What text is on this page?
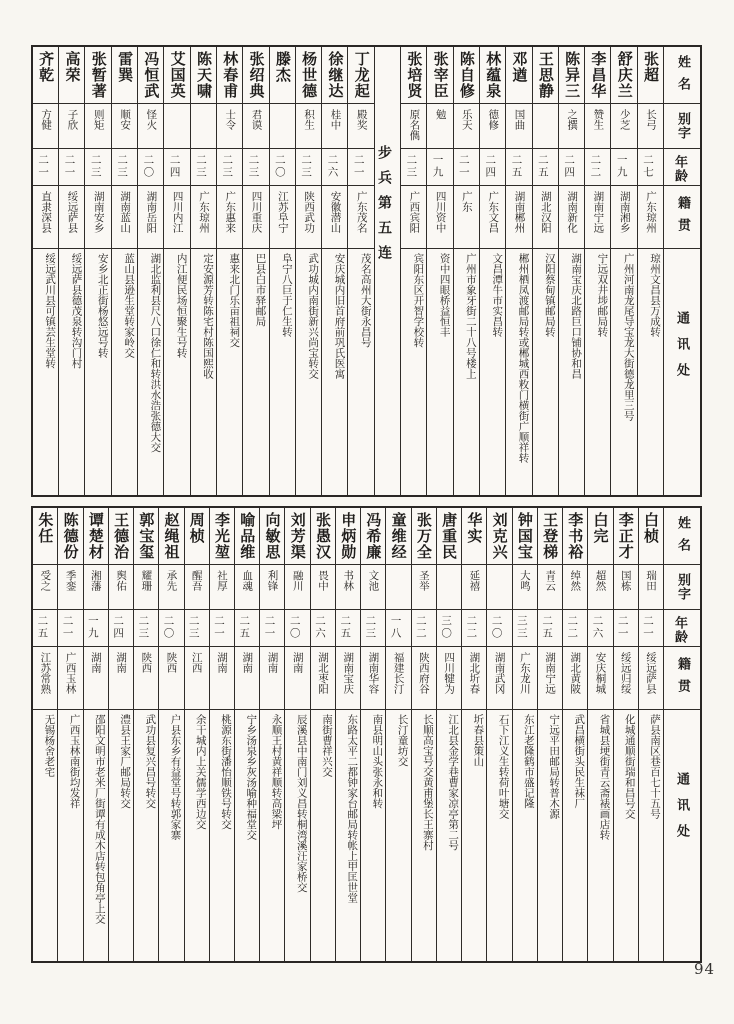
姓名
别字
年龄
籍贯
通讯处
张超
长弓
二七
广东琼州
琼州文昌县万成转
舒庆兰
少芝
一九
湖南湘乡
广州河南龙尾导宝龙大街德龙里三号
李昌华
赞生
二二
湖南宁远
宁远双井埗邮局转
陈异三
之撰
二四
湖南新化
湖南宝庆北路巨口铺协和昌
王思静
二五
湖北汉阳
汉阳蔡甸镇邮局转
邓遒
国曲
二五
湖南郴州
郴州栖凤渡邮局转或郴城西敉门横街广顺祥转
林蕴泉
德修
二四
广东文昌
文昌潭牛市实昌转
陈自修
乐天
二一
广东
广州市象牙街二十八号楼上
张宰臣
勉
一九
四川资中
资中四眼桥益恒丰
张培贤
原名儁
二三
广西宾阳
宾阳东区开智学校转
步兵第五连
丁龙起
殿奖
二一
广东茂名
茂名高州大街永昌号
徐继达
桂中
二六
安徽潜山
安庆城内旧首府前巩氏医寓
杨世德
积生
二三
陕西武功
武功城内南街新兴尚宝转交
滕杰
二〇
江苏阜宁
阜宁八巨于仁生转
张绍典
君谟
二三
四川重庆
巴县白市驿邮局
林春甫
士令
二三
广东惠来
惠来北门乐亩祖祠交
陈天啸
二三
广东琼州
定安源芳转陈宅村陈国熙收
艾国英
二四
四川内江
内江便民场恒聚生号转
冯恒武
怪火
二〇
湖南岳阳
湖北监利县尺八口徐仁和转洪水浩张德大交
雷巽
顺安
二三
湖南蓝山
蓝山县逊生堂转家岭交
张暂著
则矩
二三
湖南安乡
安乡北正街杨悠远号转
高荣
子欣
二一
绥远萨县
绥远萨县德茂泉转沟门村
齐乾
方健
二一
直隶深县
绥远武川县可镇芸生堂转
姓名
别字
年龄
籍贯
通讯处
白桢
瑞田
二一
绥远萨县
萨县南区巷百七十五号
李正才
国栋
二一
绥远归绥
化城通顺街瑞和昌号交
白完
超然
二六
安庆桐城
省城县埂街青云斋裱画店转
李书裕
绰然
二二
湖北黄陂
武昌横街头民生袜厂
王登梯
青云
二五
湖南宁远
宁远平田邮局转普木源
钟国宝
大鸣
三三
广东龙川
东江老隆鹤市盛记隆
刘克兴
二〇
湖南武冈
石下江义生转荷叶塘交
华实
延禧
二二
湖北圻春
圻春县策山
唐重民
三〇
四川犍为
江北县金学巷曹家凉亭第二号
张万全
圣举
二二
陕西府谷
长顺高宝号交黄甫堡长王寨村
童维经
一八
福建长汀
长汀童坊交
冯希廉
文池
二三
湖南华容
南县明山头张永和转
申炳勋
书林
二五
湖南宝庆
东路太平二都钟家台邮局转帐上甲匡世堂
张愚汉
畏中
二六
湖北枣阳
南街曹祥兴交
刘芳渠
融川
二〇
湖南
辰溪县中南门刘义昌转桐湾溪汪家桥交
向敏思
利锋
二一
湖南
永顺王村黄祥顺转高梁坪
喻品维
血魂
二五
湖南
宁乡汤泉乡灰汤喻种福堂交
李光堃
社厚
二一
湖南
桃源东街潘怡顺铁号转交
周桢
醒吾
二三
江西
余干城内上关儒学西边交
赵绳祖
承先
二〇
陕西
户县东乡有益堂号转郭家寨
郭宝玺
耀珊
二三
陕西
武功县复兴昌号转交
王德治
舆佑
二四
湖南
澧县王家厂邮局转交
谭楚材
湘藩
一九
湖南
邵阳文明市老米厂街谭有成木店转包角亭上交
陈德份
季銮
二一
广西玉林
广西玉林南街均发祥
朱任
受之
二五
江苏常熟
无锡杨舍老宅
94
